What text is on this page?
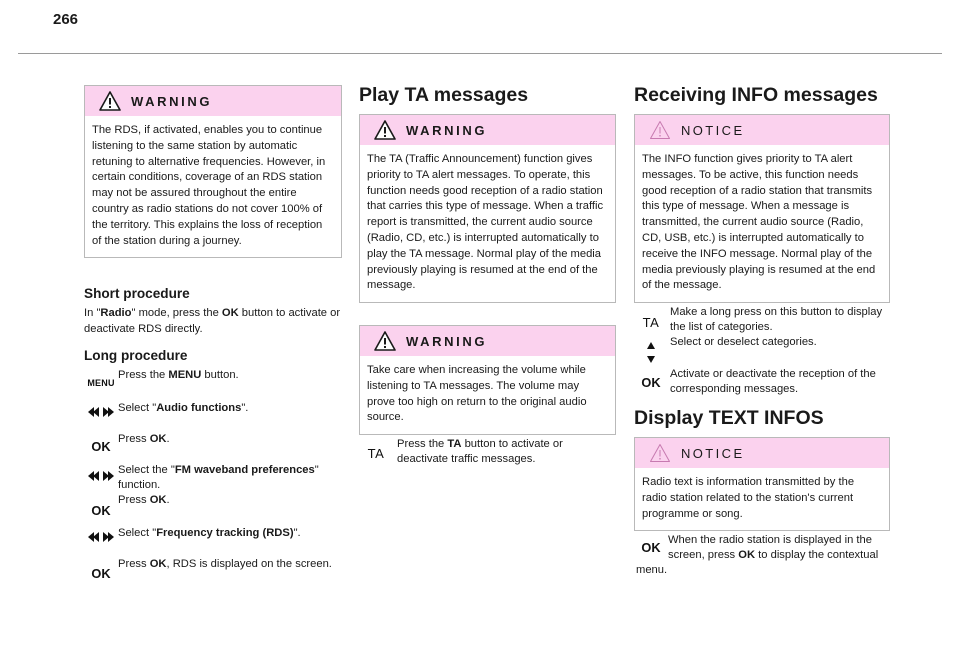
266
WARNING
The RDS, if activated, enables you to continue listening to the same station by automatic retuning to alternative frequencies. However, in certain conditions, coverage of an RDS station may not be assured throughout the entire country as radio stations do not cover 100% of the territory. This explains the loss of reception of the station during a journey.
Short procedure
In "Radio" mode, press the OK button to activate or deactivate RDS directly.
Long procedure
MENU
Press the MENU button.
Select "Audio functions".
OK Press OK.
Select the "FM waveband preferences" function.
Press OK.
OK
Select "Frequency tracking (RDS)".
OK
Press OK, RDS is displayed on the screen.
Play TA messages
WARNING
The TA (Traffic Announcement) function gives priority to TA alert messages. To operate, this function needs good reception of a radio station that carries this type of message. When a traffic report is transmitted, the current audio source (Radio, CD, etc.) is interrupted automatically to play the TA message. Normal play of the media previously playing is resumed at the end of the message.
WARNING
Take care when increasing the volume while listening to TA messages. The volume may prove too high on return to the original audio source.
TA
Press the TA button to activate or deactivate traffic messages.
Receiving INFO messages
NOTICE
The INFO function gives priority to TA alert messages. To be active, this function needs good reception of a radio station that transmits this type of message. When a message is transmitted, the current audio source (Radio, CD, USB, etc.) is interrupted automatically to receive the INFO message. Normal play of the media previously playing is resumed at the end of the message.
TA

Make a long press on this button to display the list of categories.

Select or deselect categories.

OK
Activate or deactivate the reception of the corresponding messages.
Display TEXT INFOS
NOTICE
Radio text is information transmitted by the radio station related to the station's current programme or song.
OK When the radio station is displayed in the screen, press OK to display the contextual menu.
